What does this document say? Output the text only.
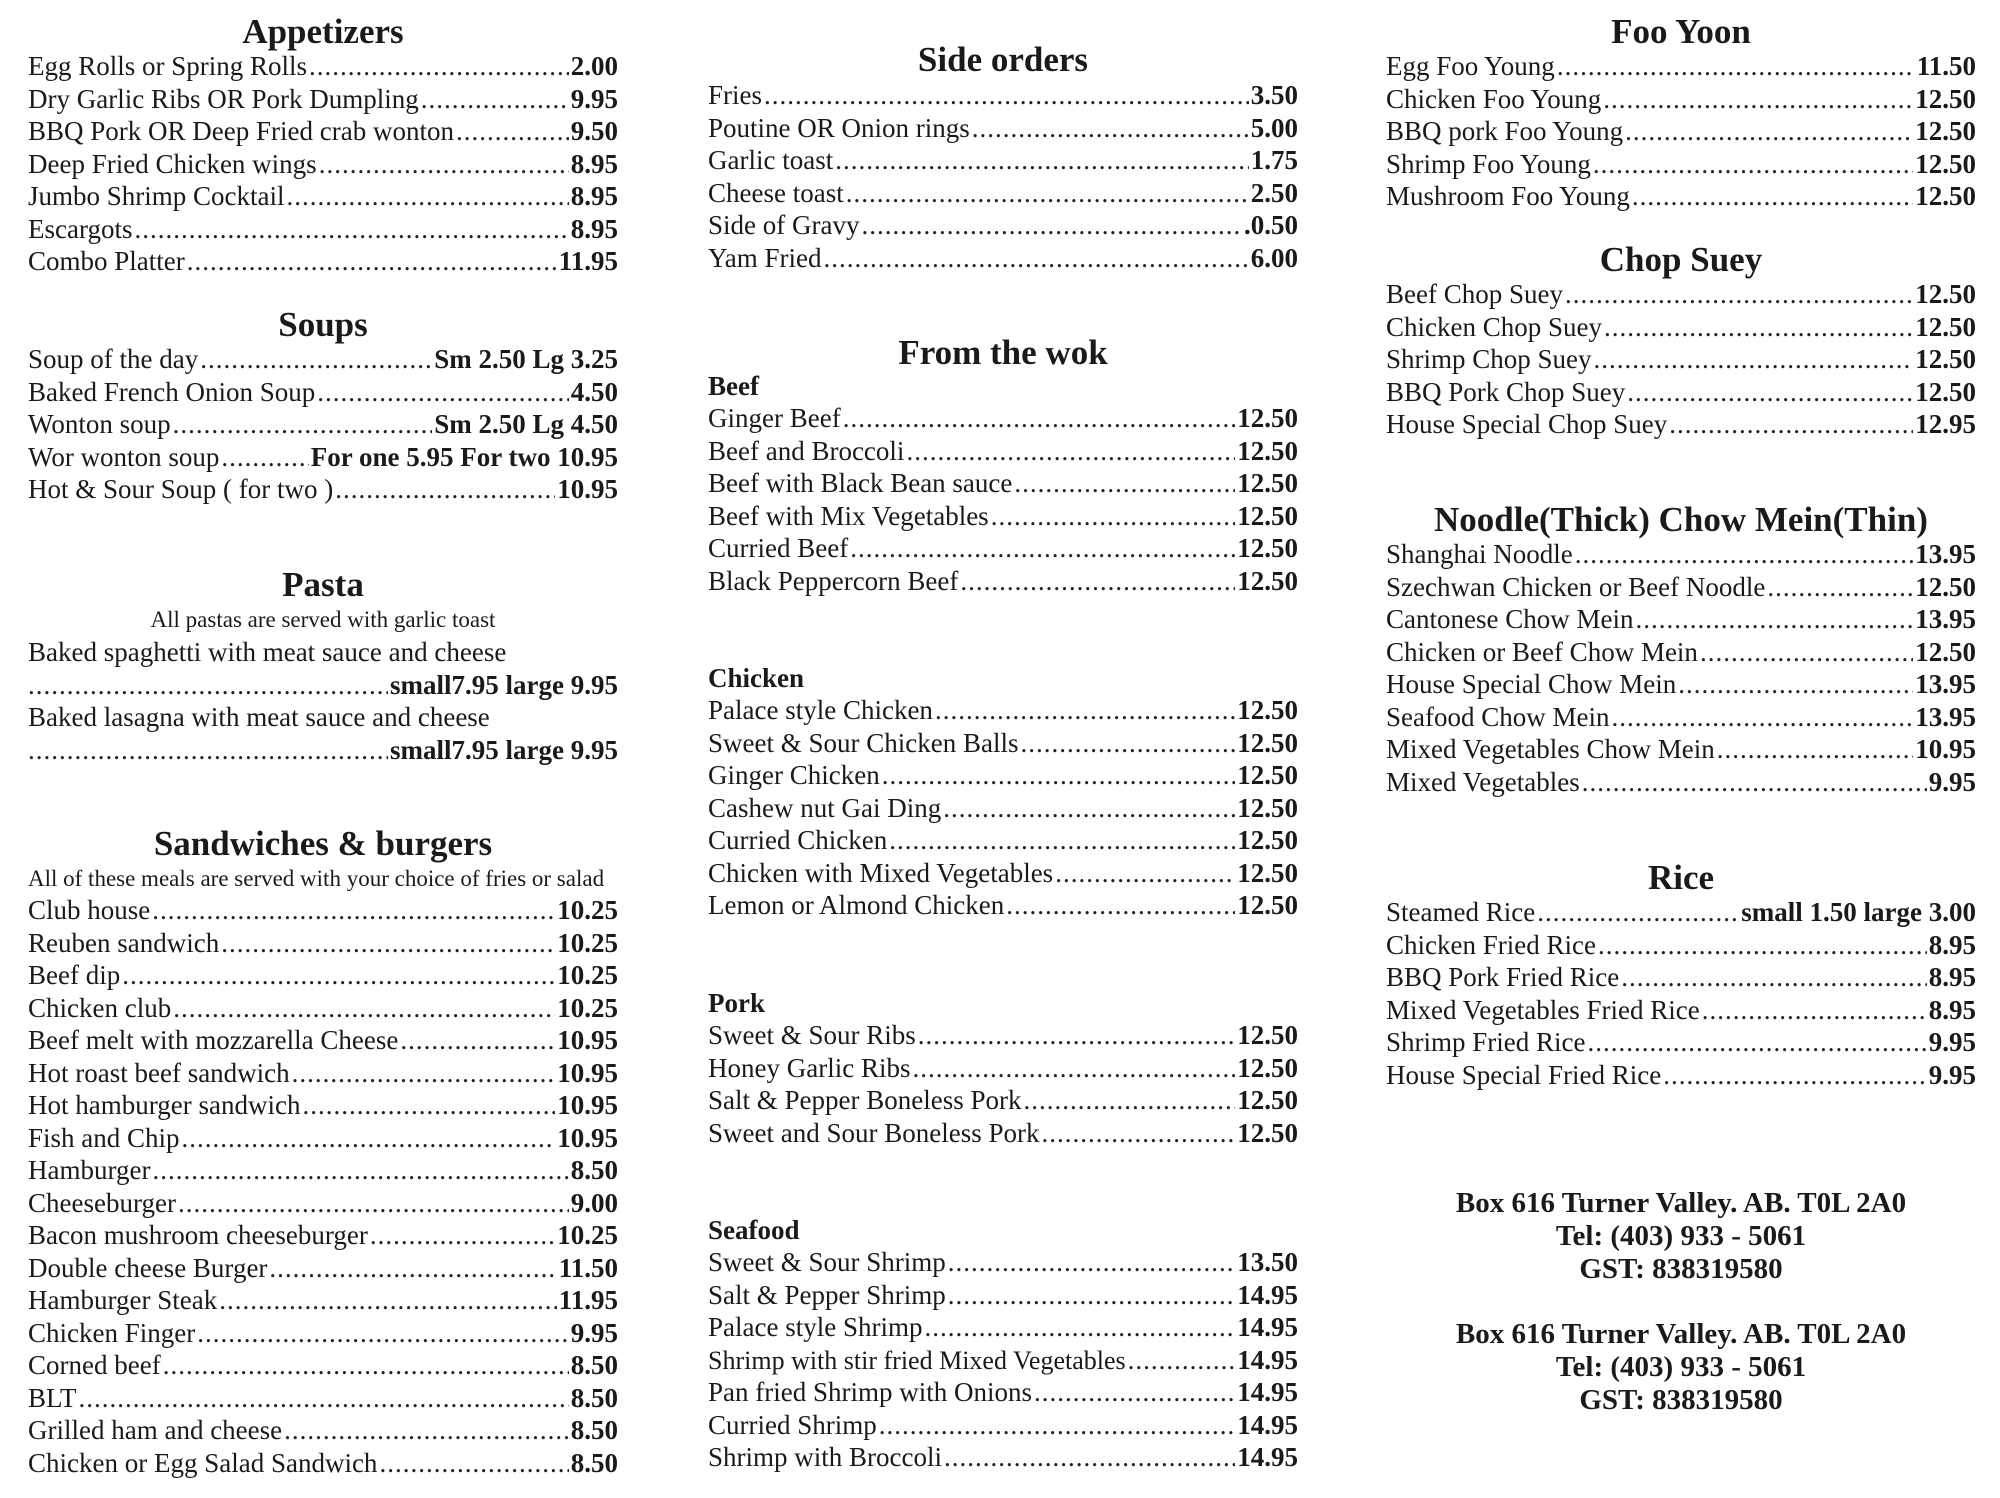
Appetizers
Egg Rolls or Spring Rolls .....	2.00
Dry Garlic Ribs OR Pork Dumpling .....	9.95
BBQ Pork OR Deep Fried crab wonton .....	9.50
Deep Fried Chicken wings .....	8.95
Jumbo Shrimp Cocktail .....	8.95
Escargots .....	8.95
Combo Platter .....	11.95
Soups
Soup of the day .....	Sm 2.50 Lg 3.25
Baked French Onion Soup .....	4.50
Wonton soup .....	Sm 2.50 Lg 4.50
Wor wonton soup .....	For one 5.95 For two 10.95
Hot & Sour Soup ( for two ) .....	10.95
Pasta
All pastas are served with garlic toast
Baked spaghetti with meat sauce and cheese
.....
small7.95 large 9.95
Baked lasagna with meat sauce and cheese
.....
small7.95 large 9.95
Sandwiches & burgers
All of these meals are served with your choice of fries or salad
Club house .....	10.25
Reuben sandwich .....	10.25
Beef dip .....	10.25
Chicken club .....	10.25
Beef melt with mozzarella Cheese .....	10.95
Hot roast beef sandwich .....	10.95
Hot hamburger sandwich .....	10.95
Fish and Chip .....	10.95
Hamburger .....	8.50
Cheeseburger .....	9.00
Bacon mushroom cheeseburger .....	10.25
Double cheese Burger .....	11.50
Hamburger Steak .....	11.95
Chicken Finger .....	9.95
Corned beef .....	8.50
BLT .....	8.50
Grilled ham and cheese .....	8.50
Chicken or Egg Salad Sandwich .....	8.50
Side orders
Fries .....	3.50
Poutine OR Onion rings .....	5.00
Garlic toast .....	1.75
Cheese toast .....	2.50
Side of Gravy .....	.0.50
Yam Fried .....	6.00
From the wok
Beef
Ginger Beef .....	12.50
Beef and Broccoli .....	12.50
Beef with Black Bean sauce .....	12.50
Beef with Mix Vegetables .....	12.50
Curried Beef .....	12.50
Black Peppercorn Beef .....	12.50
Chicken
Palace style Chicken .....	12.50
Sweet & Sour Chicken Balls .....	12.50
Ginger Chicken .....	12.50
Cashew nut Gai Ding .....	12.50
Curried Chicken .....	12.50
Chicken with Mixed Vegetables .....	12.50
Lemon or Almond Chicken .....	12.50
Pork
Sweet & Sour Ribs .....	12.50
Honey Garlic Ribs .....	12.50
Salt & Pepper Boneless Pork .....	12.50
Sweet and Sour Boneless Pork .....	12.50
Seafood
Sweet & Sour Shrimp .....	13.50
Salt & Pepper Shrimp .....	14.95
Palace style Shrimp .....	14.95
Shrimp with stir fried Mixed Vegetables .....	14.95
Pan fried Shrimp with Onions .....	14.95
Curried Shrimp .....	14.95
Shrimp with Broccoli .....	14.95
Foo Yoon
Egg Foo Young .....	11.50
Chicken Foo Young .....	12.50
BBQ pork Foo Young .....	12.50
Shrimp Foo Young .....	12.50
Mushroom Foo Young .....	12.50
Chop Suey
Beef Chop Suey .....	12.50
Chicken Chop Suey .....	12.50
Shrimp Chop Suey .....	12.50
BBQ Pork Chop Suey .....	12.50
House Special Chop Suey .....	12.95
Noodle(Thick) Chow Mein(Thin)
Shanghai Noodle .....	13.95
Szechwan Chicken or Beef Noodle .....	12.50
Cantonese Chow Mein .....	13.95
Chicken or Beef Chow Mein .....	12.50
House Special Chow Mein .....	13.95
Seafood Chow Mein .....	13.95
Mixed Vegetables Chow Mein .....	10.95
Mixed Vegetables .....	9.95
Rice
Steamed Rice .....	small 1.50 large 3.00
Chicken Fried Rice .....	8.95
BBQ Pork Fried Rice .....	8.95
Mixed Vegetables Fried Rice .....	8.95
Shrimp Fried Rice .....	9.95
House Special Fried Rice .....	9.95
Box 616 Turner Valley. AB. T0L 2A0
Tel: (403) 933 - 5061
GST: 838319580
Box 616 Turner Valley. AB. T0L 2A0
Tel: (403) 933 - 5061
GST: 838319580
